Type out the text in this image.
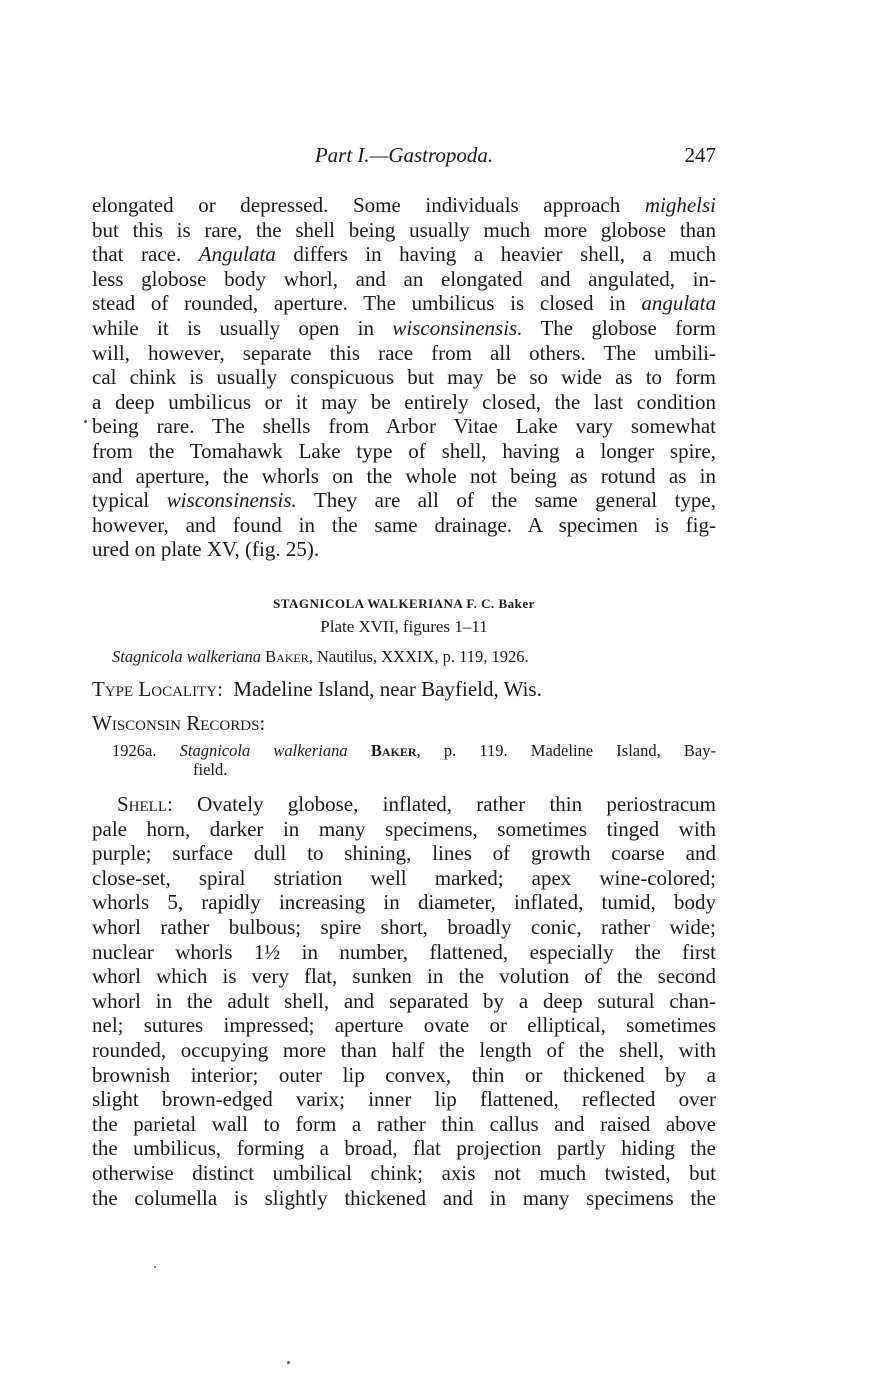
Part I.—Gastropoda.	247
elongated or depressed. Some individuals approach mighelsi
but this is rare, the shell being usually much more globose than
that race. Angulata differs in having a heavier shell, a much
less globose body whorl, and an elongated and angulated, in-
stead of rounded, aperture. The umbilicus is closed in angulata
while it is usually open in wisconsinensis. The globose form
will, however, separate this race from all others. The umbili-
cal chink is usually conspicuous but may be so wide as to form
a deep umbilicus or it may be entirely closed, the last condition
being rare. The shells from Arbor Vitae Lake vary somewhat
from the Tomahawk Lake type of shell, having a longer spire,
and aperture, the whorls on the whole not being as rotund as in
typical wisconsinensis. They are all of the same general type,
however, and found in the same drainage. A specimen is fig-
ured on plate XV, (fig. 25).
STAGNICOLA WALKERIANA F. C. Baker
Plate XVII, figures 1–11
Stagnicola walkeriana Baker, Nautilus, XXXIX, p. 119, 1926.
Type Locality: Madeline Island, near Bayfield, Wis.
Wisconsin Records:
1926a. Stagnicola walkeriana Baker, p. 119. Madeline Island, Bay-
field.
Shell: Ovately globose, inflated, rather thin periostracum
pale horn, darker in many specimens, sometimes tinged with
purple; surface dull to shining, lines of growth coarse and
close-set, spiral striation well marked; apex wine-colored;
whorls 5, rapidly increasing in diameter, inflated, tumid, body
whorl rather bulbous; spire short, broadly conic, rather wide;
nuclear whorls 1½ in number, flattened, especially the first
whorl which is very flat, sunken in the volution of the second
whorl in the adult shell, and separated by a deep sutural chan-
nel; sutures impressed; aperture ovate or elliptical, sometimes
rounded, occupying more than half the length of the shell, with
brownish interior; outer lip convex, thin or thickened by a
slight brown-edged varix; inner lip flattened, reflected over
the parietal wall to form a rather thin callus and raised above
the umbilicus, forming a broad, flat projection partly hiding the
otherwise distinct umbilical chink; axis not much twisted, but
the columella is slightly thickened and in many specimens the
